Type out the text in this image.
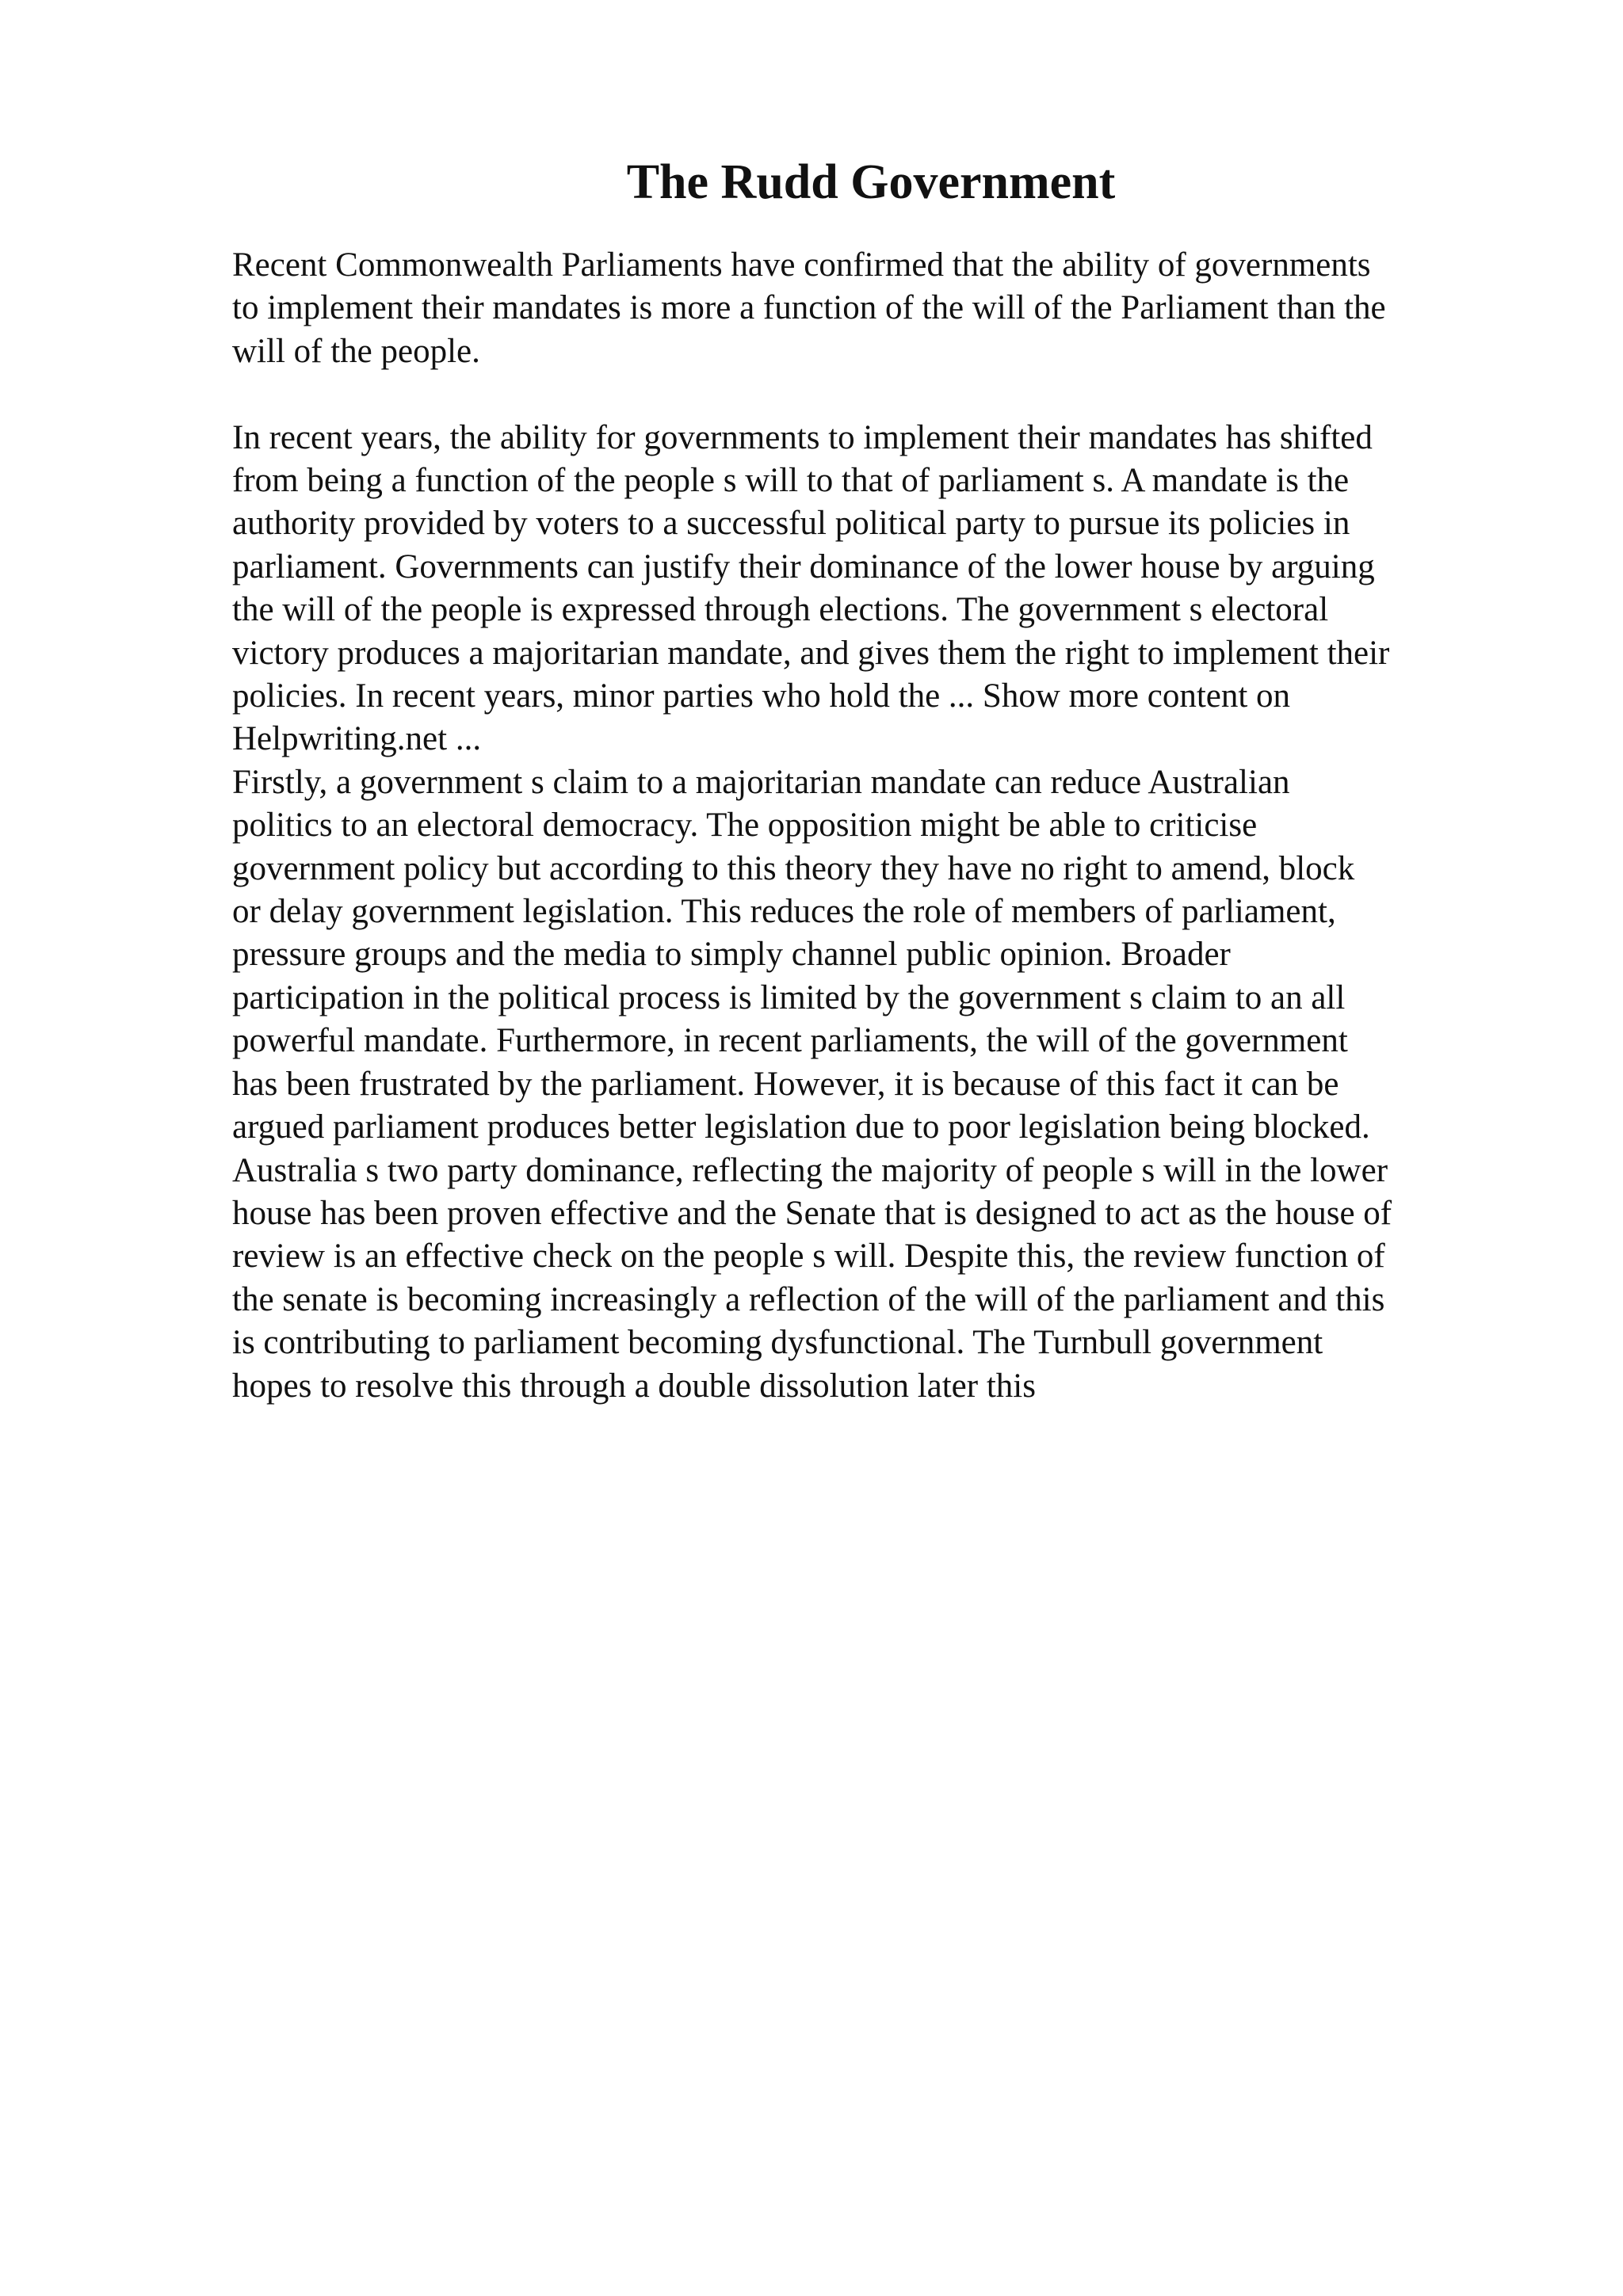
The Rudd Government

Recent Commonwealth Parliaments have confirmed that the ability of governments
to implement their mandates is more a function of the will of the Parliament than the
will of the people.

In recent years, the ability for governments to implement their mandates has shifted
from being a function of the people s will to that of parliament s. A mandate is the
authority provided by voters to a successful political party to pursue its policies in
parliament. Governments can justify their dominance of the lower house by arguing
the will of the people is expressed through elections. The government s electoral
victory produces a majoritarian mandate, and gives them the right to implement their
policies. In recent years, minor parties who hold the ... Show more content on
Helpwriting.net ...

Firstly, a government s claim to a majoritarian mandate can reduce Australian
politics to an electoral democracy. The opposition might be able to criticise
government policy but according to this theory they have no right to amend, block
or delay government legislation. This reduces the role of members of parliament,
pressure groups and the media to simply channel public opinion. Broader
participation in the political process is limited by the government s claim to an all
powerful mandate. Furthermore, in recent parliaments, the will of the government
has been frustrated by the parliament. However, it is because of this fact it can be
argued parliament produces better legislation due to poor legislation being blocked.
Australia s two party dominance, reflecting the majority of people s will in the lower
house has been proven effective and the Senate that is designed to act as the house of
review is an effective check on the people s will. Despite this, the review function of
the senate is becoming increasingly a reflection of the will of the parliament and this
is contributing to parliament becoming dysfunctional. The Turnbull government
hopes to resolve this through a double dissolution later this
